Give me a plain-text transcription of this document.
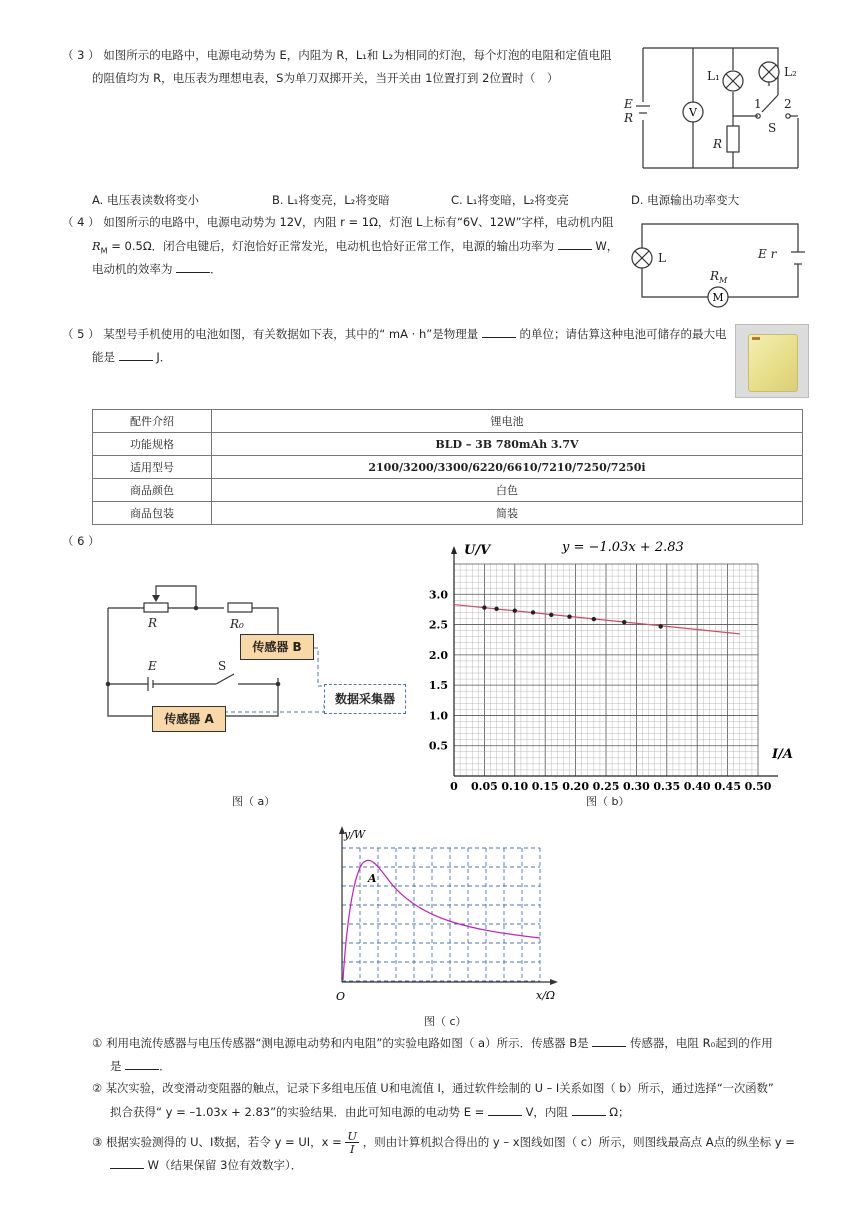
（ 3 ） 如图所示的电路中，电源电动势为 E，内阻为 R，L₁和 L₂为相同的灯泡，每个灯泡的电阻和定值电阻
的阻值均为 R，电压表为理想电表，S为单刀双掷开关，当开关由 1位置打到 2位置时（　）
V
E
R
L₁	L₂
1 2
S
R
A. 电压表读数将变小	B. L₁将变亮，L₂将变暗	C. L₁将变暗，L₂将变亮	D. 电源输出功率变大
（ 4 ） 如图所示的电路中，电源电动势为 12V，内阻 r = 1Ω，灯泡 L上标有“6V、12W”字样，电动机内阻
$R_M = 0.5\Omega$．闭合电键后，灯泡恰好正常发光，电动机也恰好正常工作，电源的输出功率为	W，
电动机的效率为	．
M
L	E r
$R_M$
（ 5 ） 某型号手机使用的电池如图，有关数据如下表，其中的“ mA · h”是物理量	的单位；请估算这种电池可储存的最大电
能是	J．
配件介绍	锂电池
功能规格	BLD – 3B 780mAh 3.7V
适用型号	2100/3200/3300/6220/6610/7210/7250/7250i
商品颜色	白色
商品包装	简装
（ 6 ）
R	R₀
E	S
传感器 B
传感器 A
数据采集器
图（ a）
0 0.05 0.10 0.15 0.20 0.25 0.30 0.35 0.40 0.45 0.50
0.5
1.0
1.5
2.0
2.5
3.0
U/V
I/A
y = −1.03x + 2.83
图（ b）
y/W
x/Ω
O
A
图（ c）
① 利用电流传感器与电压传感器“测电源电动势和内电阻”的实验电路如图（ a）所示．传感器 B是	传感器，电阻 R₀起到的作用
是	．
② 某次实验，改变滑动变阻器的触点，记录下多组电压值 U和电流值 I，通过软件绘制的 U – I关系如图（ b）所示，通过选择“一次函数”
拟合获得“ y = –1.03x + 2.83”的实验结果．由此可知电源的电动势 E =	V，内阻	Ω；
③ 根据实验测得的 U、I数据，若令 y = UI，$x = \frac{U}{I}$ ，则由计算机拟合得出的 y – x图线如图（ c）所示，则图线最高点 A点的纵坐标 y =
W（结果保留 3位有效数字）．
